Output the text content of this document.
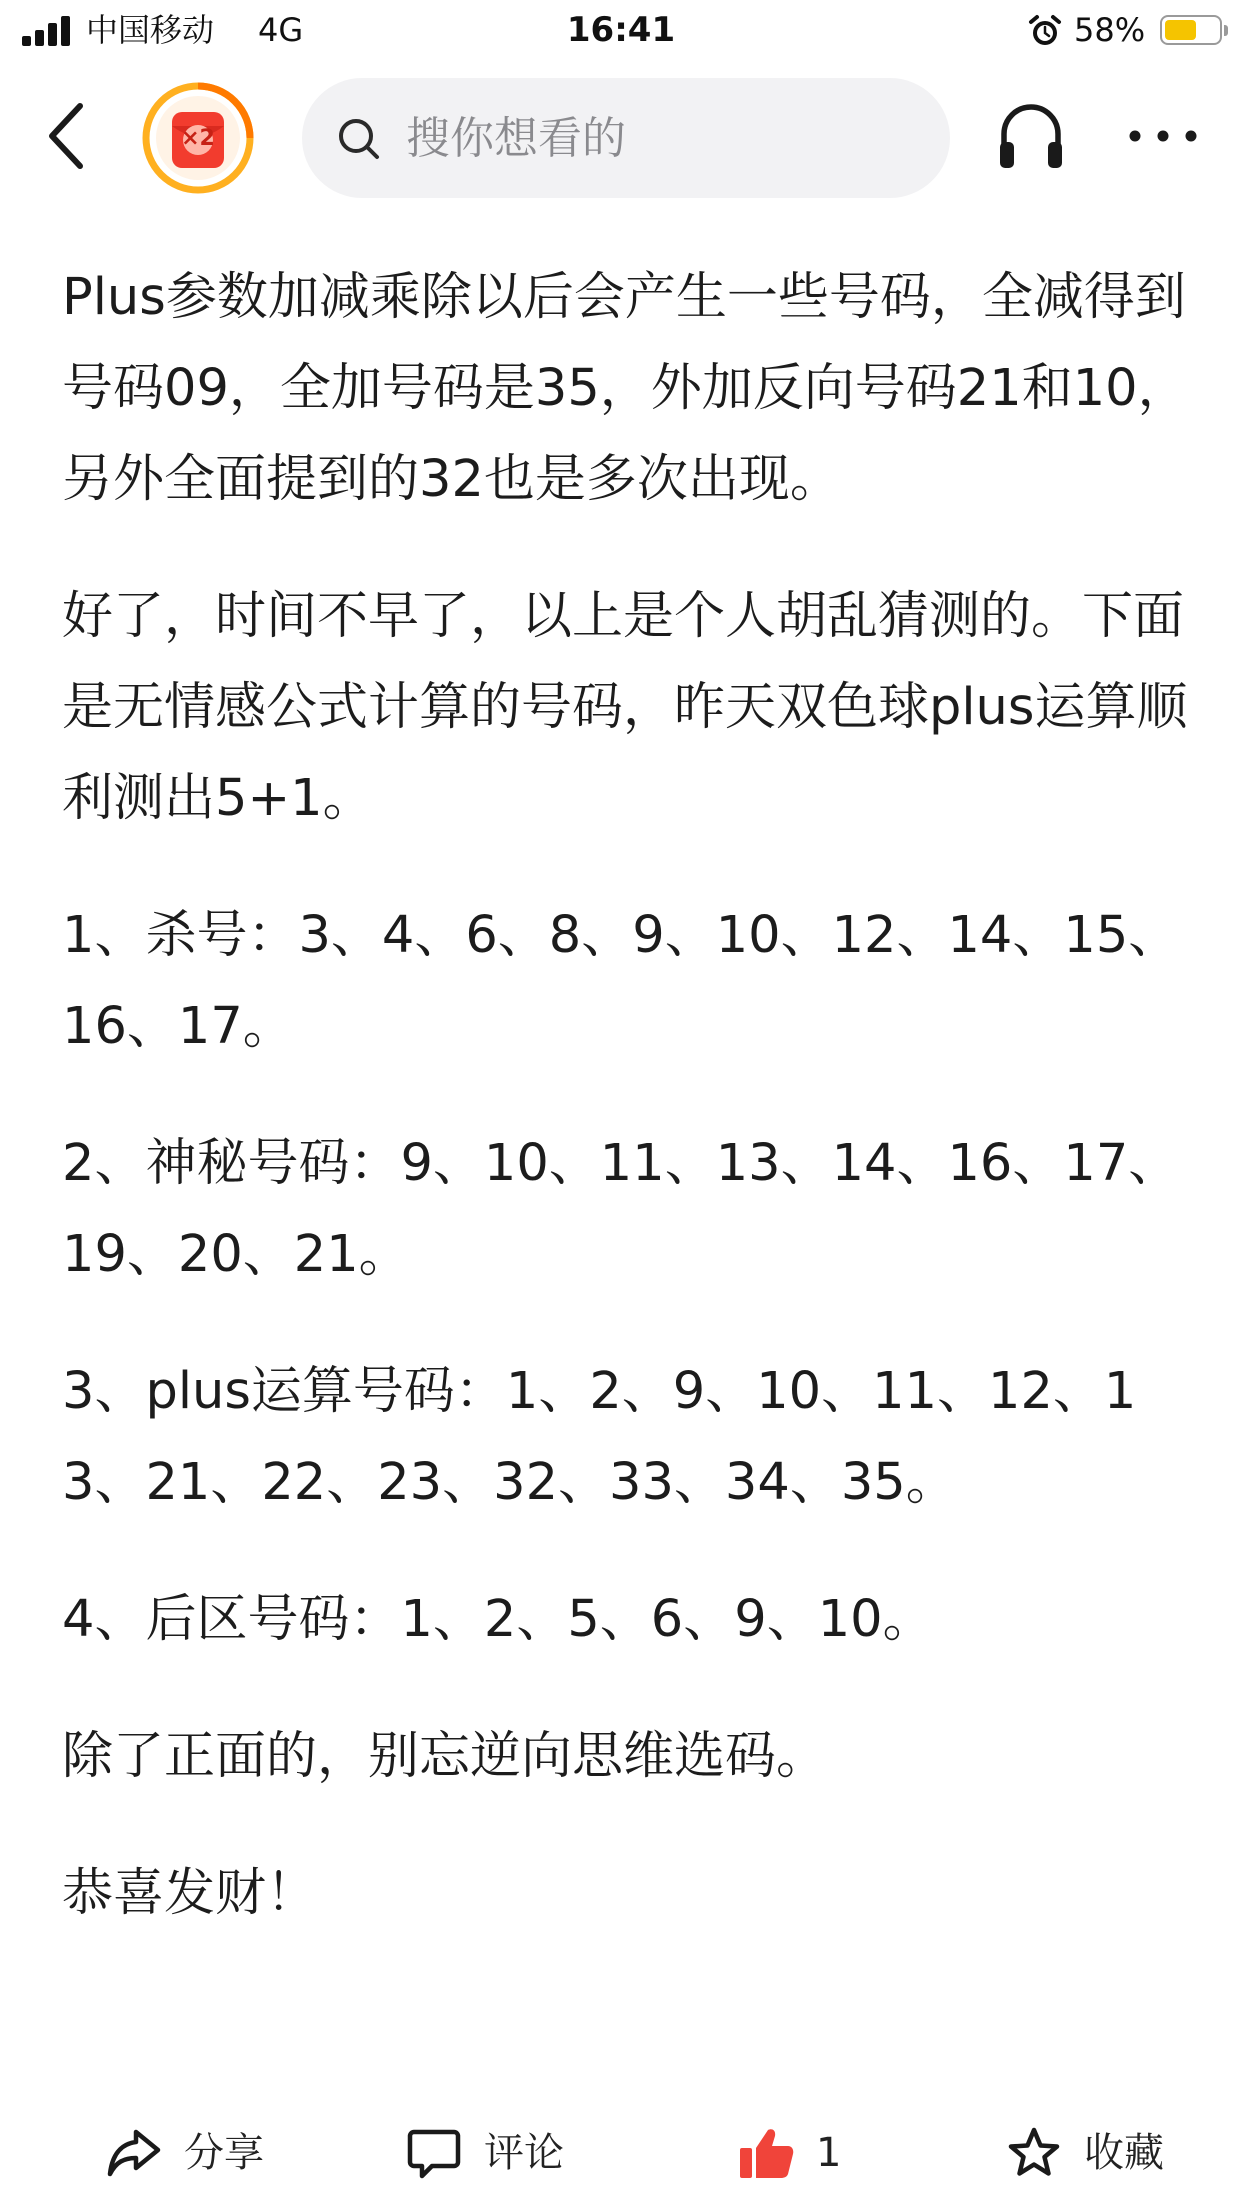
中国移动 4G	16:41	58%
×2	搜你想看的

Plus参数加减乘除以后会产生一些号码，全减得到号码09，全加号码是35，外加反向号码21和10，另外全面提到的32也是多次出现。

好了，时间不早了，以上是个人胡乱猜测的。下面是无情感公式计算的号码，昨天双色球plus运算顺利测出5+1。

1、杀号：3、4、6、8、9、10、12、14、15、16、17。

2、神秘号码：9、10、11、13、14、16、17、19、20、21。

3、plus运算号码：1、2、9、10、11、12、13、21、22、23、32、33、34、35。

4、后区号码：1、2、5、6、9、10。

除了正面的，别忘逆向思维选码。

恭喜发财！

分享	评论	1	收藏
